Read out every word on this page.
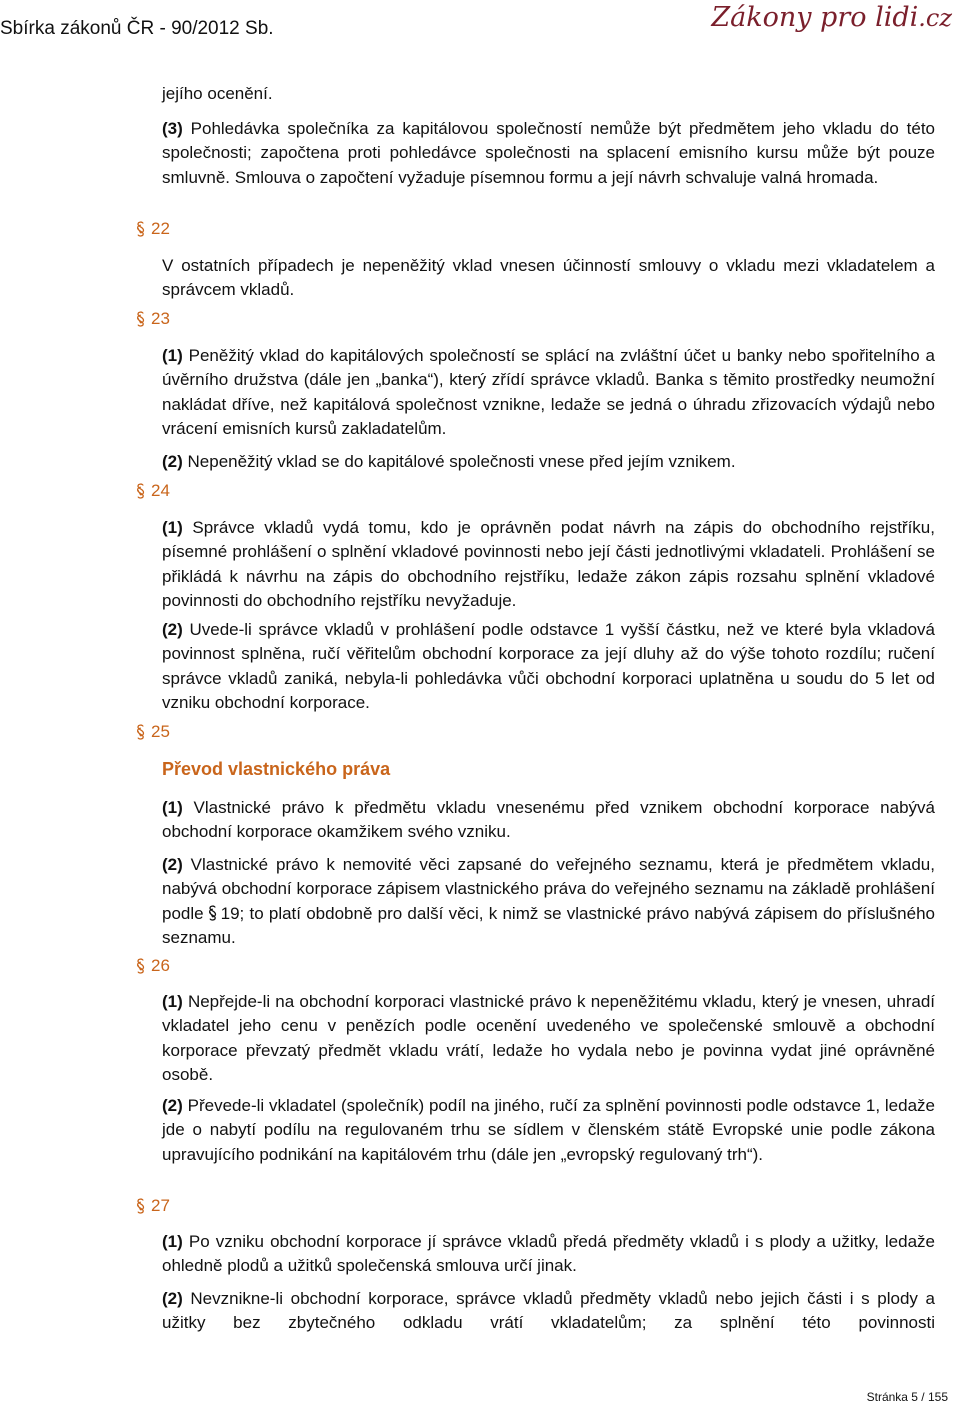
Sbírka zákonů ČR - 90/2012 Sb.	Zákony pro lidi.cz

jejího ocenění.

(3) Pohledávka společníka za kapitálovou společností nemůže být předmětem jeho vkladu do této společnosti; započtena proti pohledávce společnosti na splacení emisního kursu může být pouze smluvně. Smlouva o započtení vyžaduje písemnou formu a její návrh schvaluje valná hromada.

22

V ostatních případech je nepeněžitý vklad vnesen účinností smlouvy o vkladu mezi vkladatelem a správcem vkladů.

23

(1) Peněžitý vklad do kapitálových společností se splácí na zvláštní účet u banky nebo spořitelního a úvěrního družstva (dále jen „banka“), který zřídí správce vkladů. Banka s těmito prostředky neumožní nakládat dříve, než kapitálová společnost vznikne, ledaže se jedná o úhradu zřizovacích výdajů nebo vrácení emisních kursů zakladatelům.

(2) Nepeněžitý vklad se do kapitálové společnosti vnese před jejím vznikem.

24

(1) Správce vkladů vydá tomu, kdo je oprávněn podat návrh na zápis do obchodního rejstříku, písemné prohlášení o splnění vkladové povinnosti nebo její části jednotlivými vkladateli. Prohlášení se přikládá k návrhu na zápis do obchodního rejstříku, ledaže zákon zápis rozsahu splnění vkladové povinnosti do obchodního rejstříku nevyžaduje.

(2) Uvede-li správce vkladů v prohlášení podle odstavce 1 vyšší částku, než ve které byla vkladová povinnost splněna, ručí věřitelům obchodní korporace za její dluhy až do výše tohoto rozdílu; ručení správce vkladů zaniká, nebyla-li pohledávka vůči obchodní korporaci uplatněna u soudu do 5 let od vzniku obchodní korporace.

25
Převod vlastnického práva

(1) Vlastnické právo k předmětu vkladu vnesenému před vznikem obchodní korporace nabývá obchodní korporace okamžikem svého vzniku.

(2) Vlastnické právo k nemovité věci zapsané do veřejného seznamu, která je předmětem vkladu, nabývá obchodní korporace zápisem vlastnického práva do veřejného seznamu na základě prohlášení podle 19; to platí obdobně pro další věci, k nimž se vlastnické právo nabývá zápisem do příslušného seznamu.

26

(1) Nepřejde-li na obchodní korporaci vlastnické právo k nepeněžitému vkladu, který je vnesen, uhradí vkladatel jeho cenu v penězích podle ocenění uvedeného ve společenské smlouvě a obchodní korporace převzatý předmět vkladu vrátí, ledaže ho vydala nebo je povinna vydat jiné oprávněné osobě.

(2) Převede-li vkladatel (společník) podíl na jiného, ručí za splnění povinnosti podle odstavce 1, ledaže jde o nabytí podílu na regulovaném trhu se sídlem v členském státě Evropské unie podle zákona upravujícího podnikání na kapitálovém trhu (dále jen „evropský regulovaný trh“).

27

(1) Po vzniku obchodní korporace jí správce vkladů předá předměty vkladů i s plody a užitky, ledaže ohledně plodů a užitků společenská smlouva určí jinak.

(2) Nevznikne-li obchodní korporace, správce vkladů předměty vkladů nebo jejich části i s plody a užitky bez zbytečného odkladu vrátí vkladatelům; za splnění této povinnosti

Stránka 5 / 155
